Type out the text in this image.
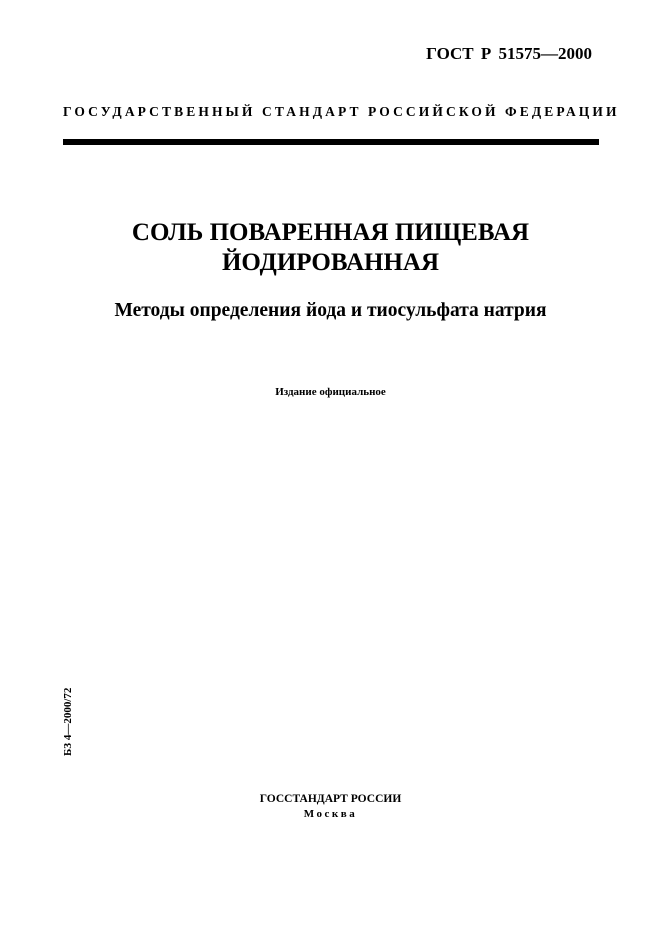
ГОСТ Р 51575—2000
ГОСУДАРСТВЕННЫЙ СТАНДАРТ РОССИЙСКОЙ ФЕДЕРАЦИИ
СОЛЬ ПОВАРЕННАЯ ПИЩЕВАЯ
ЙОДИРОВАННАЯ
Методы определения йода и тиосульфата натрия
Издание официальное
БЗ 4—2000/72
ГОССТАНДАРТ РОССИИ
Москва
